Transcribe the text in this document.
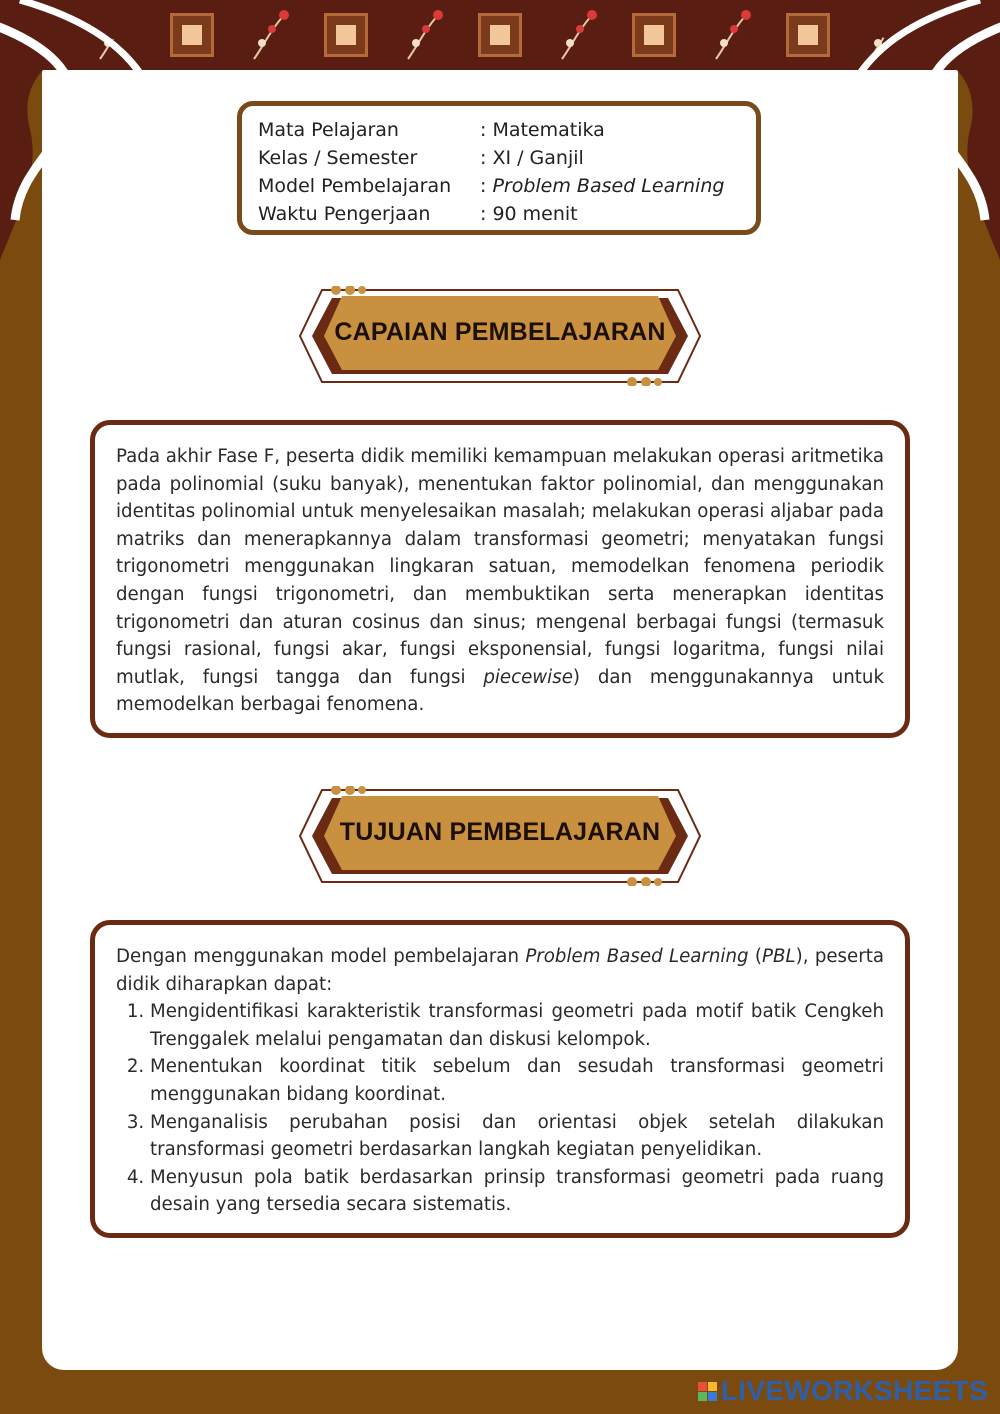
Mata Pelajaran	: Matematika
Kelas / Semester	: XI / Ganjil
Model Pembelajaran	: Problem Based Learning
Waktu Pengerjaan	: 90 menit
CAPAIAN PEMBELAJARAN
Pada akhir Fase F, peserta didik memiliki kemampuan melakukan operasi aritmetika pada polinomial (suku banyak), menentukan faktor polinomial, dan menggunakan identitas polinomial untuk menyelesaikan masalah; melakukan operasi aljabar pada matriks dan menerapkannya dalam transformasi geometri; menyatakan fungsi trigonometri menggunakan lingkaran satuan, memodelkan fenomena periodik dengan fungsi trigonometri, dan membuktikan serta menerapkan identitas trigonometri dan aturan cosinus dan sinus; mengenal berbagai fungsi (termasuk fungsi rasional, fungsi akar, fungsi eksponensial, fungsi logaritma, fungsi nilai mutlak, fungsi tangga dan fungsi piecewise) dan menggunakannya untuk memodelkan berbagai fenomena.
TUJUAN PEMBELAJARAN
Dengan menggunakan model pembelajaran Problem Based Learning (PBL), peserta didik diharapkan dapat:
1. Mengidentifikasi karakteristik transformasi geometri pada motif batik Cengkeh Trenggalek melalui pengamatan dan diskusi kelompok.
2. Menentukan koordinat titik sebelum dan sesudah transformasi geometri menggunakan bidang koordinat.
3. Menganalisis perubahan posisi dan orientasi objek setelah dilakukan transformasi geometri berdasarkan langkah kegiatan penyelidikan.
4. Menyusun pola batik berdasarkan prinsip transformasi geometri pada ruang desain yang tersedia secara sistematis.
LIVEWORKSHEETS
